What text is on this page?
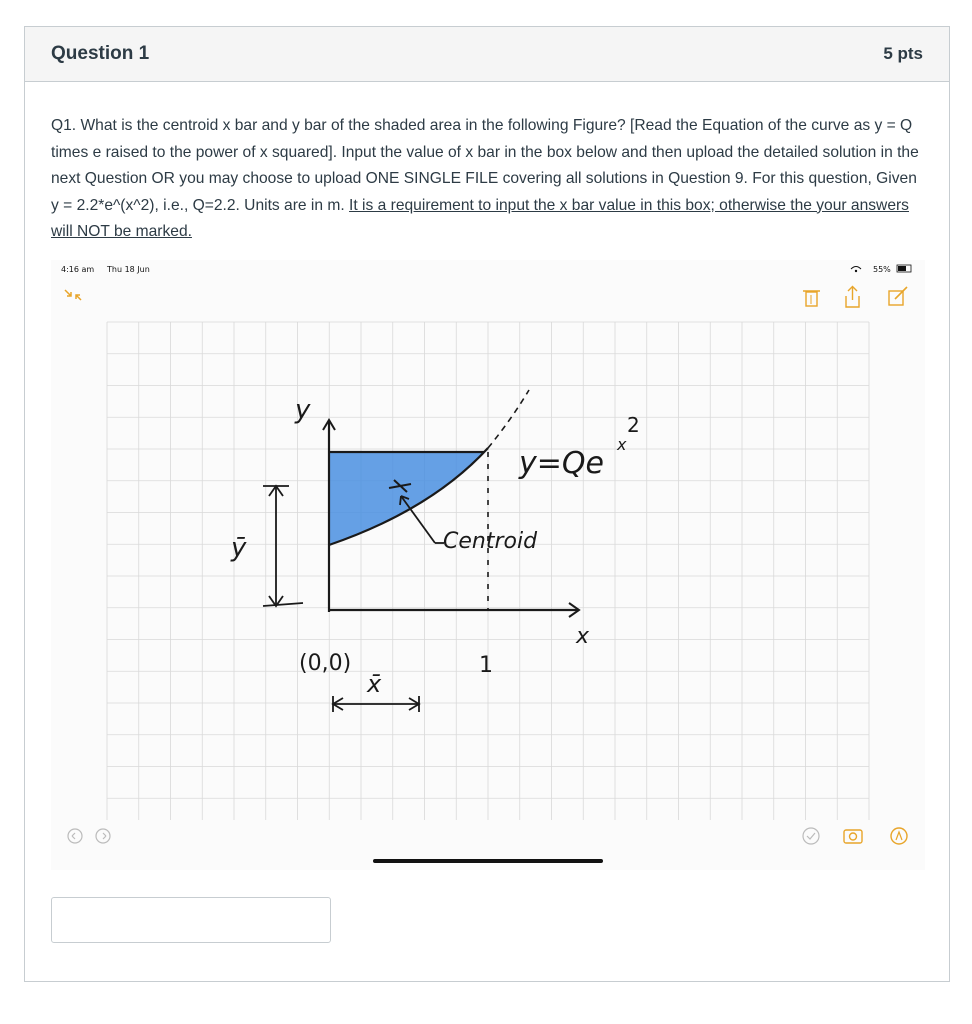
Question 1	5 pts
Q1. What is the centroid x bar and y bar of the shaded area in the following Figure? [Read the Equation of the curve as y = Q times e raised to the power of x squared]. Input the value of x bar in the box below and then upload the detailed solution in the next Question OR you may choose to upload ONE SINGLE FILE covering all solutions in Question 9. For this question, Given y = 2.2*e^(x^2), i.e., Q=2.2. Units are in m. It is a requirement to input the x bar value in this box; otherwise the your answers will NOT be marked.
4:16 am Thu 18 Jun	55%
Centroid
y
x
y=Qe
x
2
(0,0)	1
ȳ
x̄
